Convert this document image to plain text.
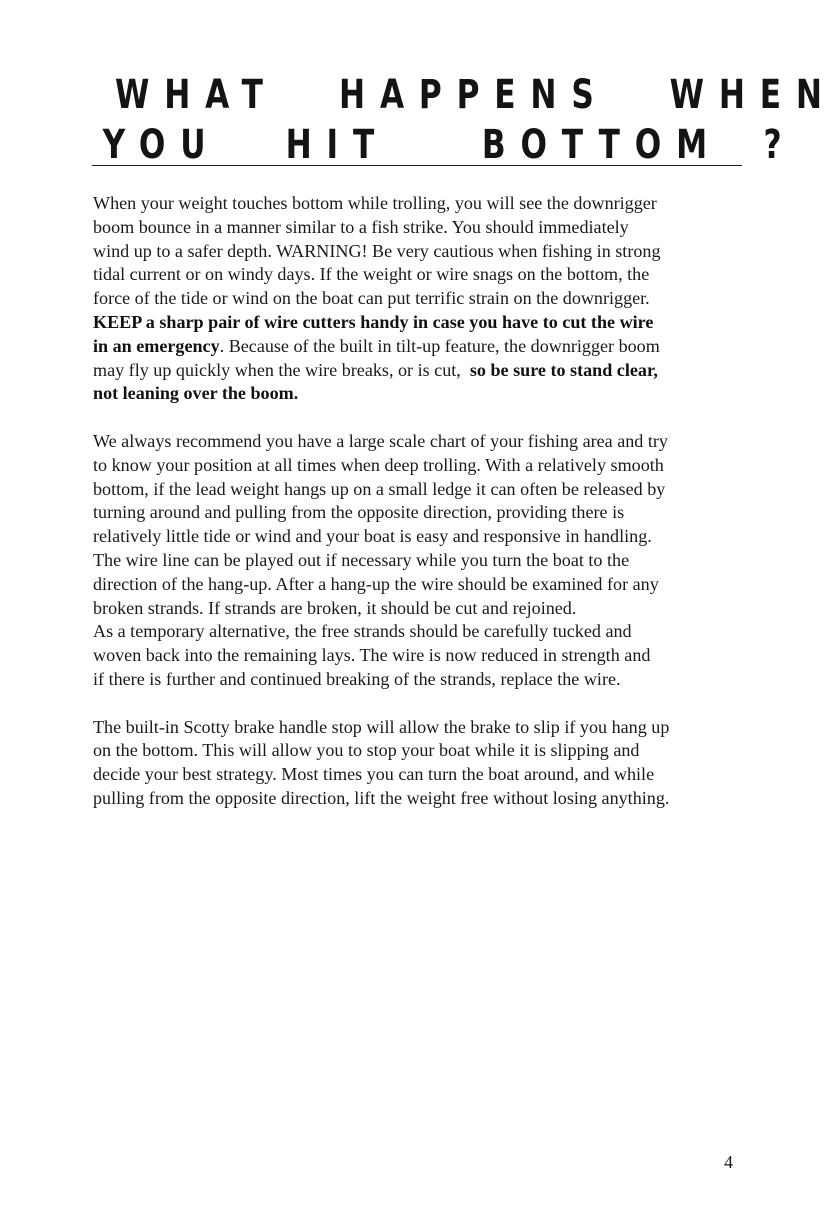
WHAT HAPPENS WHEN
YOU HIT BOTTOM ?

When your weight touches bottom while trolling, you will see the downrigger
boom bounce in a manner similar to a fish strike. You should immediately
wind up to a safer depth. WARNING! Be very cautious when fishing in strong
tidal current or on windy days. If the weight or wire snags on the bottom, the
force of the tide or wind on the boat can put terrific strain on the downrigger.
KEEP a sharp pair of wire cutters handy in case you have to cut the wire
in an emergency. Because of the built in tilt-up feature, the downrigger boom
may fly up quickly when the wire breaks, or is cut, so be sure to stand clear,
not leaning over the boom.

We always recommend you have a large scale chart of your fishing area and try
to know your position at all times when deep trolling. With a relatively smooth
bottom, if the lead weight hangs up on a small ledge it can often be released by
turning around and pulling from the opposite direction, providing there is
relatively little tide or wind and your boat is easy and responsive in handling.
The wire line can be played out if necessary while you turn the boat to the
direction of the hang-up. After a hang-up the wire should be examined for any
broken strands. If strands are broken, it should be cut and rejoined.
As a temporary alternative, the free strands should be carefully tucked and
woven back into the remaining lays. The wire is now reduced in strength and
if there is further and continued breaking of the strands, replace the wire.

The built-in Scotty brake handle stop will allow the brake to slip if you hang up
on the bottom. This will allow you to stop your boat while it is slipping and
decide your best strategy. Most times you can turn the boat around, and while
pulling from the opposite direction, lift the weight free without losing anything.

4
